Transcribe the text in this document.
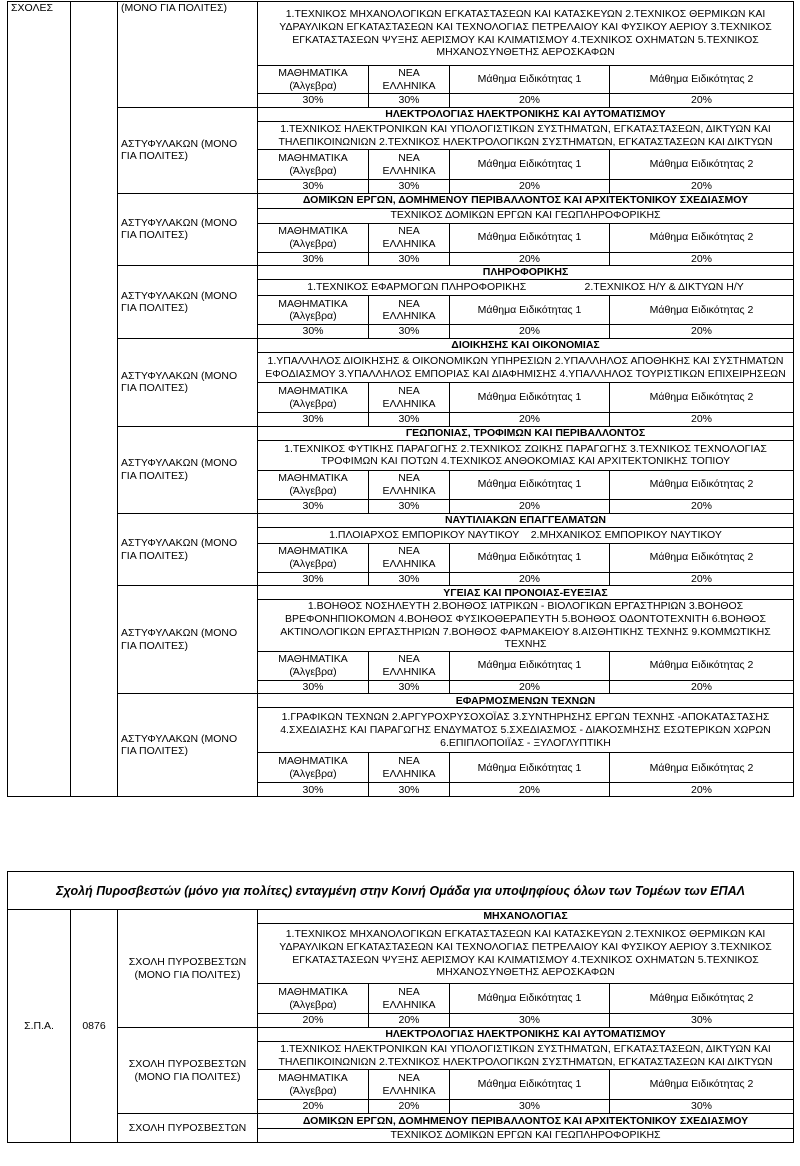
ΣΧΟΛΕΣ		(ΜΟΝΟ ΓΙΑ ΠΟΛΙΤΕΣ)	1.ΤΕΧΝΙΚΟΣ ΜΗΧΑΝΟΛΟΓΙΚΩΝ ΕΓΚΑΤΑΣΤΑΣΕΩΝ ΚΑΙ ΚΑΤΑΣΚΕΥΩΝ 2.ΤΕΧΝΙΚΟΣ ΘΕΡΜΙΚΩΝ ΚΑΙ ΥΔΡΑΥΛΙΚΩΝ ΕΓΚΑΤΑΣΤΑΣΕΩΝ ΚΑΙ ΤΕΧΝΟΛΟΓΙΑΣ ΠΕΤΡΕΛΑΙΟΥ ΚΑΙ ΦΥΣΙΚΟΥ ΑΕΡΙΟΥ 3.ΤΕΧΝΙΚΟΣ ΕΓΚΑΤΑΣΤΑΣΕΩΝ ΨΥΞΗΣ ΑΕΡΙΣΜΟΥ ΚΑΙ ΚΛΙΜΑΤΙΣΜΟΥ 4.ΤΕΧΝΙΚΟΣ ΟΧΗΜΑΤΩΝ 5.ΤΕΧΝΙΚΟΣ ΜΗΧΑΝΟΣΥΝΘΕΤΗΣ ΑΕΡΟΣΚΑΦΩΝ			
			ΜΑΘΗΜΑΤΙΚΑ (Άλγεβρα)	ΝΕΑ ΕΛΛΗΝΙΚΑ	Μάθημα Ειδικότητας 1	Μάθημα Ειδικότητας 2
			30%	30%	20%	20%
		ΑΣΤΥΦΥΛΑΚΩΝ (ΜΟΝΟ ΓΙΑ ΠΟΛΙΤΕΣ)	ΗΛΕΚΤΡΟΛΟΓΙΑΣ ΗΛΕΚΤΡΟΝΙΚΗΣ ΚΑΙ ΑΥΤΟΜΑΤΙΣΜΟΥ			
			1.ΤΕΧΝΙΚΟΣ ΗΛΕΚΤΡΟΝΙΚΩΝ ΚΑΙ ΥΠΟΛΟΓΙΣΤΙΚΩΝ ΣΥΣΤΗΜΑΤΩΝ, ΕΓΚΑΤΑΣΤΑΣΕΩΝ, ΔΙΚΤΥΩΝ ΚΑΙ ΤΗΛΕΠΙΚΟΙΝΩΝΙΩΝ 2.ΤΕΧΝΙΚΟΣ ΗΛΕΚΤΡΟΛΟΓΙΚΩΝ ΣΥΣΤΗΜΑΤΩΝ, ΕΓΚΑΤΑΣΤΑΣΕΩΝ ΚΑΙ ΔΙΚΤΥΩΝ			
			ΜΑΘΗΜΑΤΙΚΑ (Άλγεβρα)	ΝΕΑ ΕΛΛΗΝΙΚΑ	Μάθημα Ειδικότητας 1	Μάθημα Ειδικότητας 2
			30%	30%	20%	20%
		ΑΣΤΥΦΥΛΑΚΩΝ (ΜΟΝΟ ΓΙΑ ΠΟΛΙΤΕΣ)	ΔΟΜΙΚΩΝ ΕΡΓΩΝ, ΔΟΜΗΜΕΝΟΥ ΠΕΡΙΒΑΛΛΟΝΤΟΣ ΚΑΙ ΑΡΧΙΤΕΚΤΟΝΙΚΟΥ ΣΧΕΔΙΑΣΜΟΥ			
			ΤΕΧΝΙΚΟΣ ΔΟΜΙΚΩΝ ΕΡΓΩΝ ΚΑΙ ΓΕΩΠΛΗΡΟΦΟΡΙΚΗΣ			
			ΜΑΘΗΜΑΤΙΚΑ (Άλγεβρα)	ΝΕΑ ΕΛΛΗΝΙΚΑ	Μάθημα Ειδικότητας 1	Μάθημα Ειδικότητας 2
			30%	30%	20%	20%
		ΑΣΤΥΦΥΛΑΚΩΝ (ΜΟΝΟ ΓΙΑ ΠΟΛΙΤΕΣ)	ΠΛΗΡΟΦΟΡΙΚΗΣ			
			1.ΤΕΧΝΙΚΟΣ ΕΦΑΡΜΟΓΩΝ ΠΛΗΡΟΦΟΡΙΚΗΣ                    2.ΤΕΧΝΙΚΟΣ Η/Υ & ΔΙΚΤΥΩΝ Η/Υ			
			ΜΑΘΗΜΑΤΙΚΑ (Άλγεβρα)	ΝΕΑ ΕΛΛΗΝΙΚΑ	Μάθημα Ειδικότητας 1	Μάθημα Ειδικότητας 2
			30%	30%	20%	20%
		ΑΣΤΥΦΥΛΑΚΩΝ (ΜΟΝΟ ΓΙΑ ΠΟΛΙΤΕΣ)	ΔΙΟΙΚΗΣΗΣ ΚΑΙ ΟΙΚΟΝΟΜΙΑΣ			
			1.ΥΠΑΛΛΗΛΟΣ ΔΙΟΙΚΗΣΗΣ & ΟΙΚΟΝΟΜΙΚΩΝ ΥΠΗΡΕΣΙΩΝ 2.ΥΠΑΛΛΗΛΟΣ ΑΠΟΘΗΚΗΣ ΚΑΙ ΣΥΣΤΗΜΑΤΩΝ ΕΦΟΔΙΑΣΜΟΥ 3.ΥΠΑΛΛΗΛΟΣ ΕΜΠΟΡΙΑΣ ΚΑΙ ΔΙΑΦΗΜΙΣΗΣ 4.ΥΠΑΛΛΗΛΟΣ ΤΟΥΡΙΣΤΙΚΩΝ ΕΠΙΧΕΙΡΗΣΕΩΝ			
			ΜΑΘΗΜΑΤΙΚΑ (Άλγεβρα)	ΝΕΑ ΕΛΛΗΝΙΚΑ	Μάθημα Ειδικότητας 1	Μάθημα Ειδικότητας 2
			30%	30%	20%	20%
		ΑΣΤΥΦΥΛΑΚΩΝ (ΜΟΝΟ ΓΙΑ ΠΟΛΙΤΕΣ)	ΓΕΩΠΟΝΙΑΣ, ΤΡΟΦΙΜΩΝ ΚΑΙ ΠΕΡΙΒΑΛΛΟΝΤΟΣ			
			1.ΤΕΧΝΙΚΟΣ ΦΥΤΙΚΗΣ ΠΑΡΑΓΩΓΗΣ 2.ΤΕΧΝΙΚΟΣ ΖΩΙΚΗΣ ΠΑΡΑΓΩΓΗΣ 3.ΤΕΧΝΙΚΟΣ ΤΕΧΝΟΛΟΓΙΑΣ ΤΡΟΦΙΜΩΝ ΚΑΙ ΠΟΤΩΝ 4.ΤΕΧΝΙΚΟΣ ΑΝΘΟΚΟΜΙΑΣ ΚΑΙ ΑΡΧΙΤΕΚΤΟΝΙΚΗΣ ΤΟΠΙΟΥ			
			ΜΑΘΗΜΑΤΙΚΑ (Άλγεβρα)	ΝΕΑ ΕΛΛΗΝΙΚΑ	Μάθημα Ειδικότητας 1	Μάθημα Ειδικότητας 2
			30%	30%	20%	20%
		ΑΣΤΥΦΥΛΑΚΩΝ (ΜΟΝΟ ΓΙΑ ΠΟΛΙΤΕΣ)	ΝΑΥΤΙΛΙΑΚΩΝ ΕΠΑΓΓΕΛΜΑΤΩΝ			
			1.ΠΛΟΙΑΡΧΟΣ ΕΜΠΟΡΙΚΟΥ ΝΑΥΤΙΚΟΥ    2.ΜΗΧΑΝΙΚΟΣ ΕΜΠΟΡΙΚΟΥ ΝΑΥΤΙΚΟΥ			
			ΜΑΘΗΜΑΤΙΚΑ (Άλγεβρα)	ΝΕΑ ΕΛΛΗΝΙΚΑ	Μάθημα Ειδικότητας 1	Μάθημα Ειδικότητας 2
			30%	30%	20%	20%
		ΑΣΤΥΦΥΛΑΚΩΝ (ΜΟΝΟ ΓΙΑ ΠΟΛΙΤΕΣ)	ΥΓΕΙΑΣ ΚΑΙ ΠΡΟΝΟΙΑΣ-ΕΥΕΞΙΑΣ			
			1.ΒΟΗΘΟΣ ΝΟΣΗΛΕΥΤΗ 2.ΒΟΗΘΟΣ ΙΑΤΡΙΚΩΝ - ΒΙΟΛΟΓΙΚΩΝ ΕΡΓΑΣΤΗΡΙΩΝ 3.ΒΟΗΘΟΣ ΒΡΕΦΟΝΗΠΙΟΚΟΜΩΝ 4.ΒΟΗΘΟΣ ΦΥΣΙΚΟΘΕΡΑΠΕΥΤΗ 5.ΒΟΗΘΟΣ ΟΔΟΝΤΟΤΕΧΝΙΤΗ 6.ΒΟΗΘΟΣ ΑΚΤΙΝΟΛΟΓΙΚΩΝ ΕΡΓΑΣΤΗΡΙΩΝ 7.ΒΟΗΘΟΣ ΦΑΡΜΑΚΕΙΟΥ 8.ΑΙΣΘΗΤΙΚΗΣ ΤΕΧΝΗΣ 9.ΚΟΜΜΩΤΙΚΗΣ ΤΕΧΝΗΣ			
			ΜΑΘΗΜΑΤΙΚΑ (Άλγεβρα)	ΝΕΑ ΕΛΛΗΝΙΚΑ	Μάθημα Ειδικότητας 1	Μάθημα Ειδικότητας 2
			30%	30%	20%	20%
		ΑΣΤΥΦΥΛΑΚΩΝ (ΜΟΝΟ ΓΙΑ ΠΟΛΙΤΕΣ)	ΕΦΑΡΜΟΣΜΕΝΩΝ ΤΕΧΝΩΝ			
			1.ΓΡΑΦΙΚΩΝ ΤΕΧΝΩΝ 2.ΑΡΓΥΡΟΧΡΥΣΟΧΟΪΑΣ 3.ΣΥΝΤΗΡΗΣΗΣ ΕΡΓΩΝ ΤΕΧΝΗΣ -ΑΠΟΚΑΤΑΣΤΑΣΗΣ 4.ΣΧΕΔΙΑΣΗΣ ΚΑΙ ΠΑΡΑΓΩΓΗΣ ΕΝΔΥΜΑΤΟΣ 5.ΣΧΕΔΙΑΣΜΟΣ - ΔΙΑΚΟΣΜΗΣΗΣ ΕΣΩΤΕΡΙΚΩΝ ΧΩΡΩΝ 6.ΕΠΙΠΛΟΠΟΙΪΑΣ - ΞΥΛΟΓΛΥΠΤΙΚΗ			
			ΜΑΘΗΜΑΤΙΚΑ (Άλγεβρα)	ΝΕΑ ΕΛΛΗΝΙΚΑ	Μάθημα Ειδικότητας 1	Μάθημα Ειδικότητας 2
			30%	30%	20%	20%
Σχολή Πυροσβεστών (μόνο για πολίτες) ενταγμένη στην Κοινή Ομάδα για υποψηφίους όλων των Τομέων των ΕΠΑΛ						
Σ.Π.Α.	0876	ΣΧΟΛΗ ΠΥΡΟΣΒΕΣΤΩΝ (ΜΟΝΟ ΓΙΑ ΠΟΛΙΤΕΣ)	ΜΗΧΑΝΟΛΟΓΙΑΣ			
			1.ΤΕΧΝΙΚΟΣ ΜΗΧΑΝΟΛΟΓΙΚΩΝ ΕΓΚΑΤΑΣΤΑΣΕΩΝ ΚΑΙ ΚΑΤΑΣΚΕΥΩΝ 2.ΤΕΧΝΙΚΟΣ ΘΕΡΜΙΚΩΝ ΚΑΙ ΥΔΡΑΥΛΙΚΩΝ ΕΓΚΑΤΑΣΤΑΣΕΩΝ ΚΑΙ ΤΕΧΝΟΛΟΓΙΑΣ ΠΕΤΡΕΛΑΙΟΥ ΚΑΙ ΦΥΣΙΚΟΥ ΑΕΡΙΟΥ 3.ΤΕΧΝΙΚΟΣ ΕΓΚΑΤΑΣΤΑΣΕΩΝ ΨΥΞΗΣ ΑΕΡΙΣΜΟΥ ΚΑΙ ΚΛΙΜΑΤΙΣΜΟΥ 4.ΤΕΧΝΙΚΟΣ ΟΧΗΜΑΤΩΝ 5.ΤΕΧΝΙΚΟΣ ΜΗΧΑΝΟΣΥΝΘΕΤΗΣ ΑΕΡΟΣΚΑΦΩΝ			
			ΜΑΘΗΜΑΤΙΚΑ (Άλγεβρα)	ΝΕΑ ΕΛΛΗΝΙΚΑ	Μάθημα Ειδικότητας 1	Μάθημα Ειδικότητας 2
			20%	20%	30%	30%
		ΣΧΟΛΗ ΠΥΡΟΣΒΕΣΤΩΝ (ΜΟΝΟ ΓΙΑ ΠΟΛΙΤΕΣ)	ΗΛΕΚΤΡΟΛΟΓΙΑΣ ΗΛΕΚΤΡΟΝΙΚΗΣ ΚΑΙ ΑΥΤΟΜΑΤΙΣΜΟΥ			
			1.ΤΕΧΝΙΚΟΣ ΗΛΕΚΤΡΟΝΙΚΩΝ ΚΑΙ ΥΠΟΛΟΓΙΣΤΙΚΩΝ ΣΥΣΤΗΜΑΤΩΝ, ΕΓΚΑΤΑΣΤΑΣΕΩΝ, ΔΙΚΤΥΩΝ ΚΑΙ ΤΗΛΕΠΙΚΟΙΝΩΝΙΩΝ 2.ΤΕΧΝΙΚΟΣ ΗΛΕΚΤΡΟΛΟΓΙΚΩΝ ΣΥΣΤΗΜΑΤΩΝ, ΕΓΚΑΤΑΣΤΑΣΕΩΝ ΚΑΙ ΔΙΚΤΥΩΝ			
			ΜΑΘΗΜΑΤΙΚΑ (Άλγεβρα)	ΝΕΑ ΕΛΛΗΝΙΚΑ	Μάθημα Ειδικότητας 1	Μάθημα Ειδικότητας 2
			20%	20%	30%	30%
		ΣΧΟΛΗ ΠΥΡΟΣΒΕΣΤΩΝ	ΔΟΜΙΚΩΝ ΕΡΓΩΝ, ΔΟΜΗΜΕΝΟΥ ΠΕΡΙΒΑΛΛΟΝΤΟΣ ΚΑΙ ΑΡΧΙΤΕΚΤΟΝΙΚΟΥ ΣΧΕΔΙΑΣΜΟΥ			
			ΤΕΧΝΙΚΟΣ ΔΟΜΙΚΩΝ ΕΡΓΩΝ ΚΑΙ ΓΕΩΠΛΗΡΟΦΟΡΙΚΗΣ			
